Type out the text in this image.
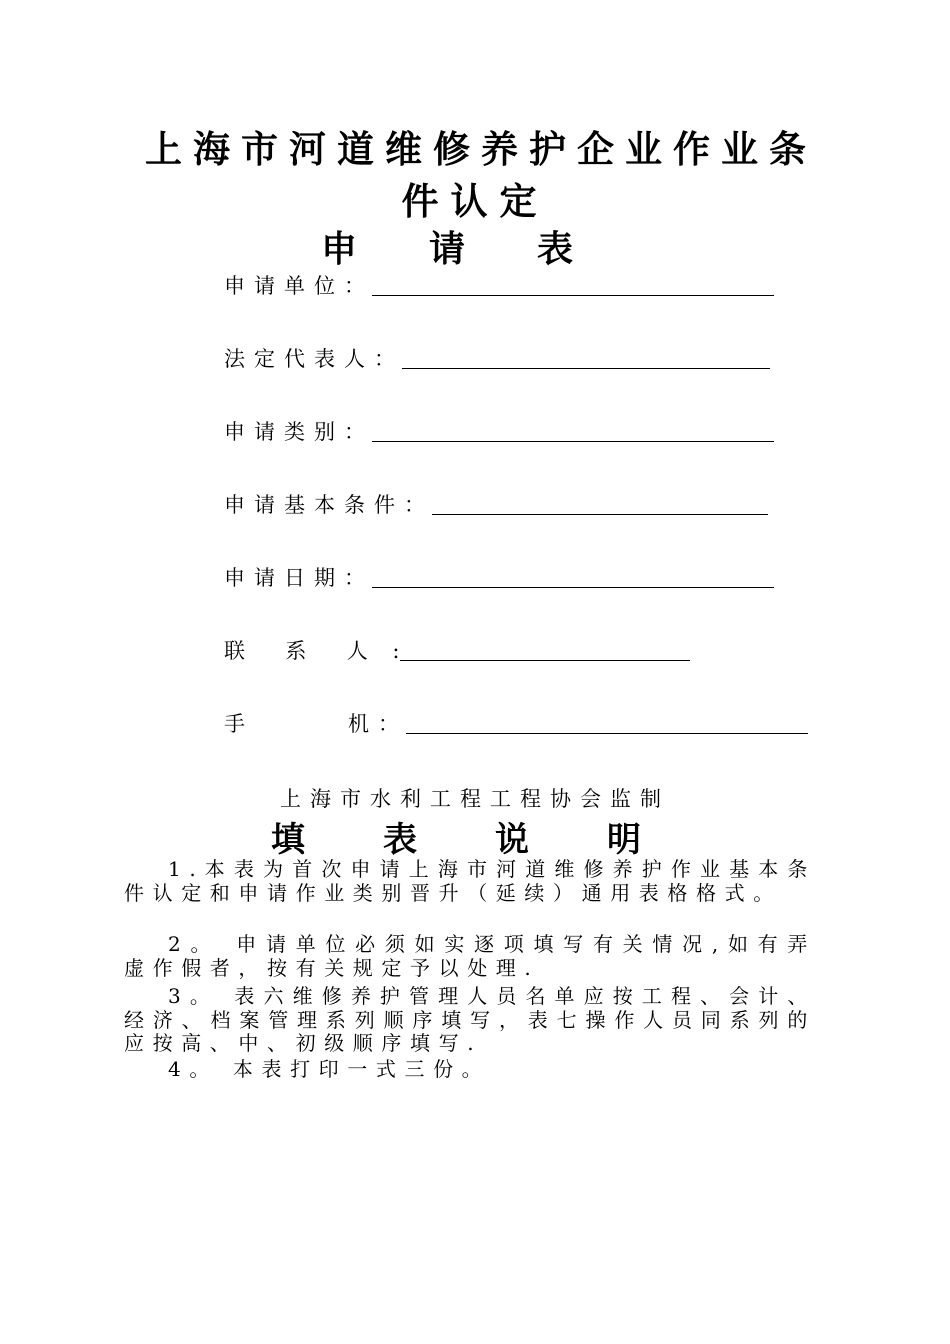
上海市河道维修养护企业作业条
件认定
申请表
申请单位：
法定代表人：
申请类别：
申请基本条件：
申请日期：
联  系  人 :
手      机：
上海市水利工程工程协会监制
填表说明
1.本表为首次申请上海市河道维修养护作业基本条件认定和申请作业类别晋升（延续）通用表格格式。
2。 申请单位必须如实逐项填写有关情况,如有弄虚作假者，按有关规定予以处理.
3。 表六维修养护管理人员名单应按工程、会计、经济、档案管理系列顺序填写，表七操作人员同系列的应按高、中、初级顺序填写.
4。 本表打印一式三份。
